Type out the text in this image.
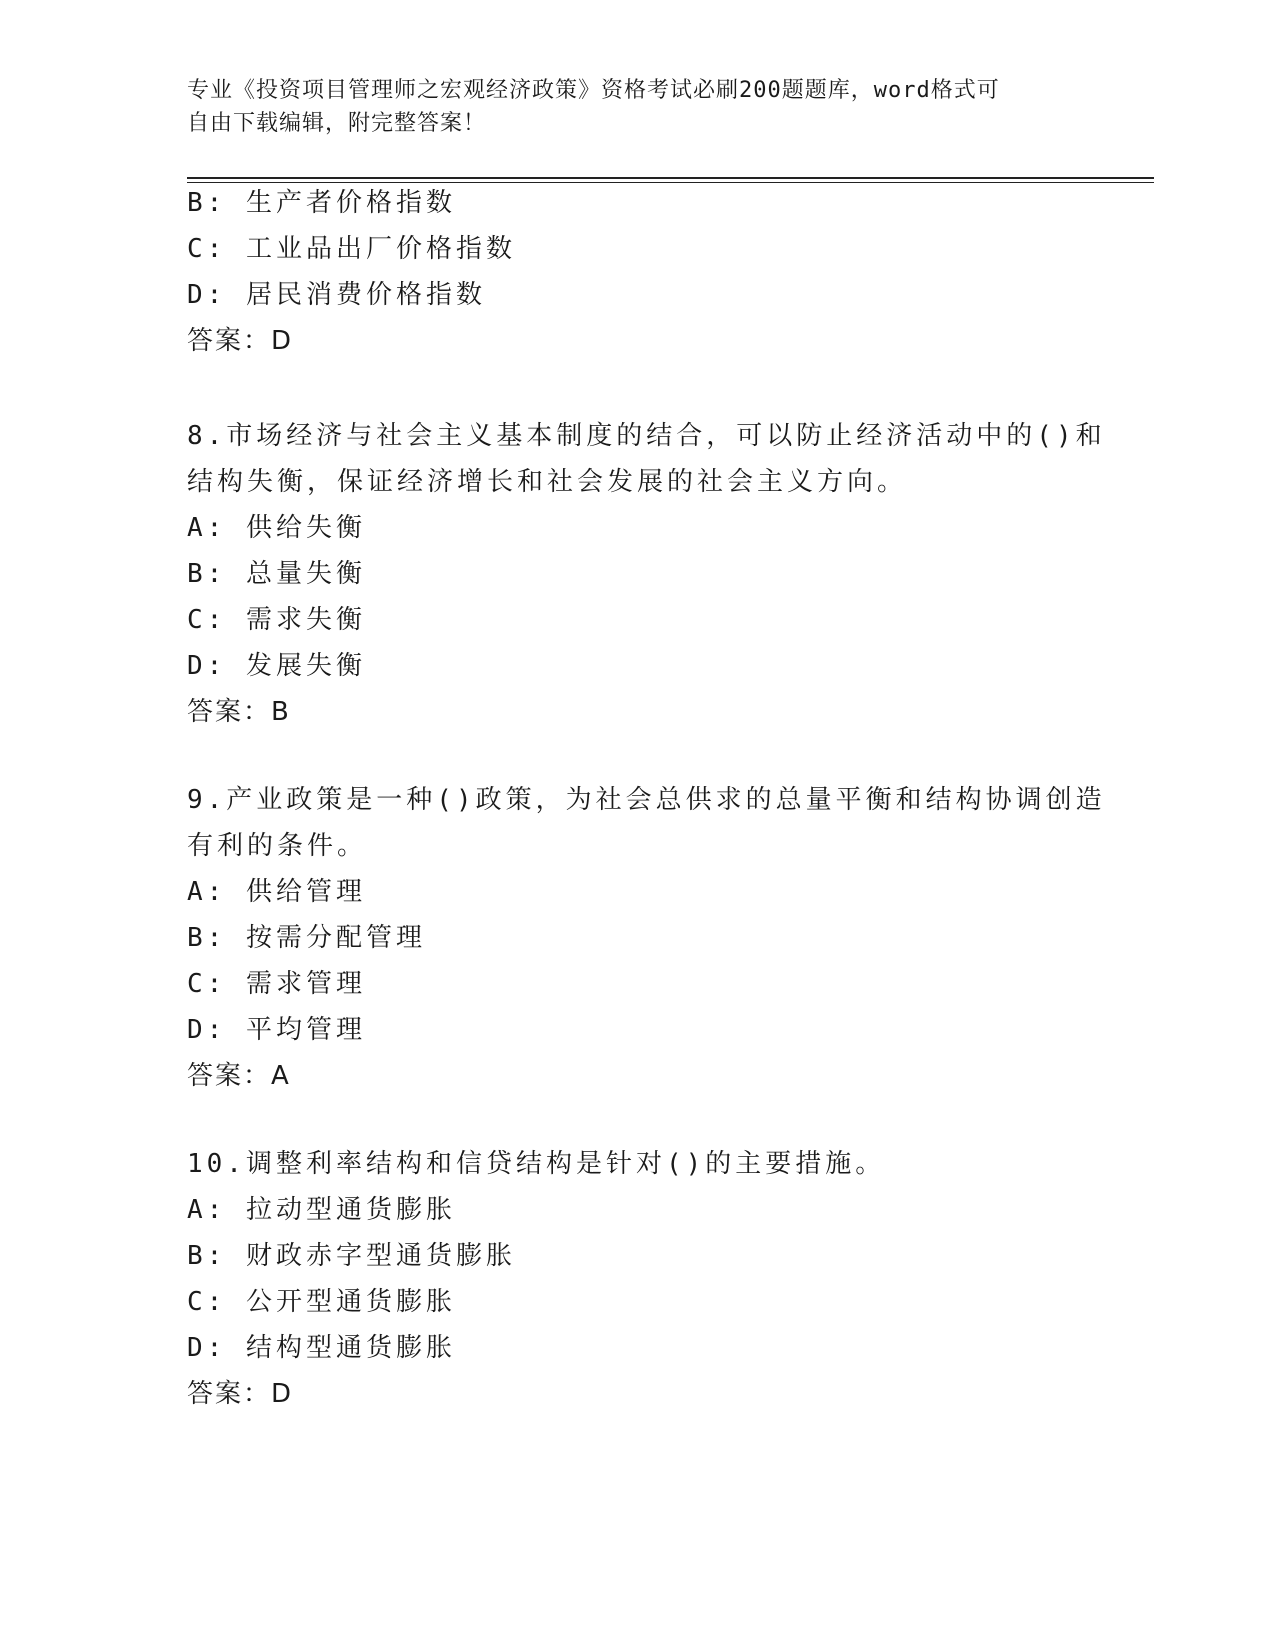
专业《投资项目管理师之宏观经济政策》资格考试必刷200题题库，word格式可
自由下载编辑，附完整答案！
B: 生产者价格指数
C: 工业品出厂价格指数
D: 居民消费价格指数
答案：D
8.市场经济与社会主义基本制度的结合，可以防止经济活动中的()和
结构失衡，保证经济增长和社会发展的社会主义方向。
A: 供给失衡
B: 总量失衡
C: 需求失衡
D: 发展失衡
答案：B
9.产业政策是一种()政策，为社会总供求的总量平衡和结构协调创造
有利的条件。
A: 供给管理
B: 按需分配管理
C: 需求管理
D: 平均管理
答案：A
10.调整利率结构和信贷结构是针对()的主要措施。
A: 拉动型通货膨胀
B: 财政赤字型通货膨胀
C: 公开型通货膨胀
D: 结构型通货膨胀
答案：D
